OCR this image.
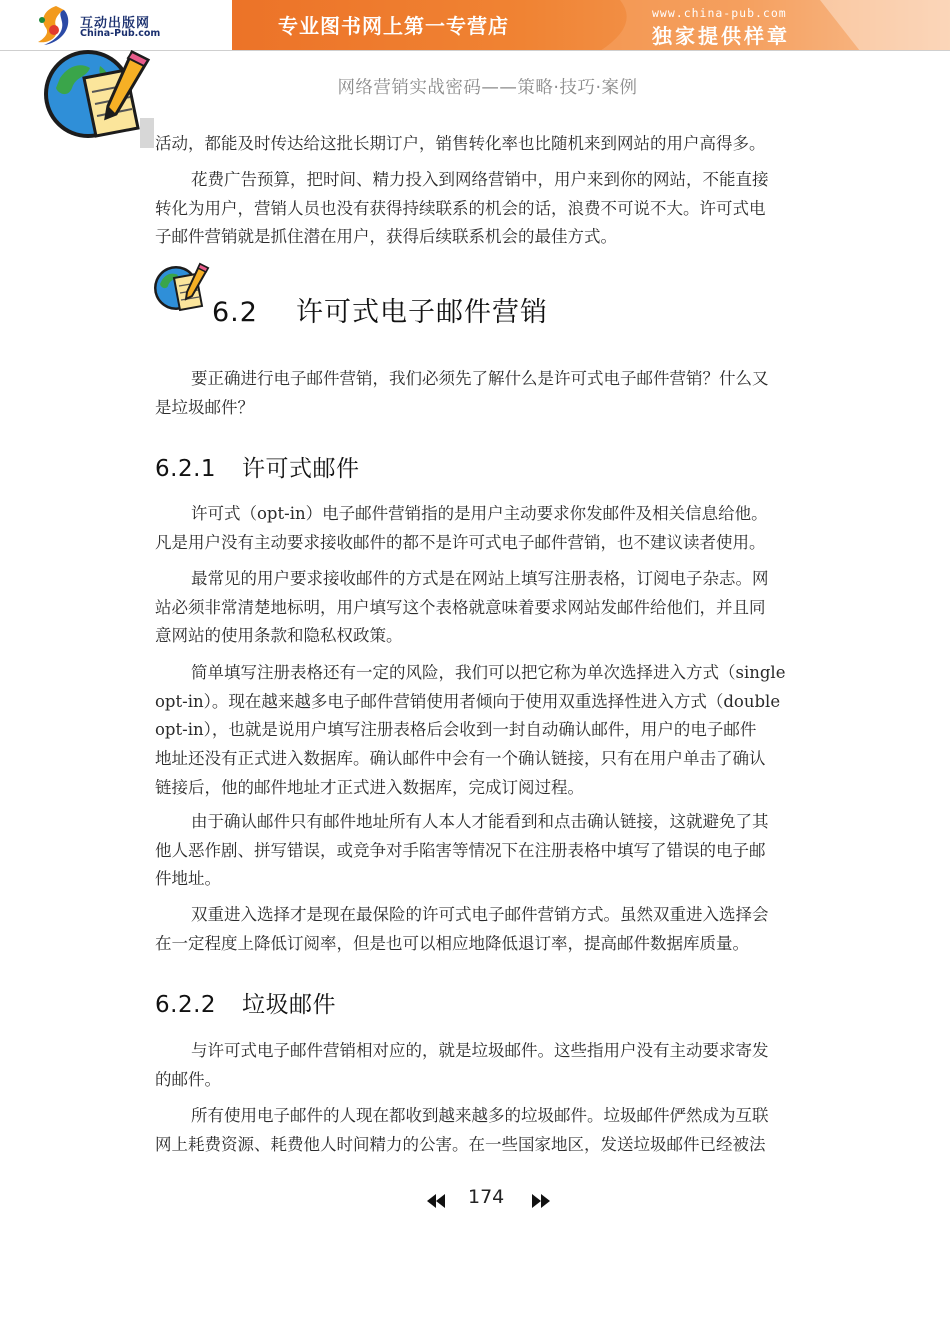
互动出版网
China-Pub.com	专业图书网上第一专营店
www.china-pub.com
独家提供样章
网络营销实战密码——策略·技巧·案例
活动，都能及时传达给这批长期订户，销售转化率也比随机来到网站的用户高得多。
花费广告预算，把时间、精力投入到网络营销中，用户来到你的网站，不能直接
转化为用户，营销人员也没有获得持续联系的机会的话，浪费不可说不大。许可式电
子邮件营销就是抓住潜在用户，获得后续联系机会的最佳方式。
6.2 许可式电子邮件营销
要正确进行电子邮件营销，我们必须先了解什么是许可式电子邮件营销？什么又
是垃圾邮件？
6.2.1 许可式邮件
许可式（opt-in）电子邮件营销指的是用户主动要求你发邮件及相关信息给他。
凡是用户没有主动要求接收邮件的都不是许可式电子邮件营销，也不建议读者使用。
最常见的用户要求接收邮件的方式是在网站上填写注册表格，订阅电子杂志。网
站必须非常清楚地标明，用户填写这个表格就意味着要求网站发邮件给他们，并且同
意网站的使用条款和隐私权政策。
简单填写注册表格还有一定的风险，我们可以把它称为单次选择进入方式（single
opt-in）。现在越来越多电子邮件营销使用者倾向于使用双重选择性进入方式（double
opt-in），也就是说用户填写注册表格后会收到一封自动确认邮件，用户的电子邮件
地址还没有正式进入数据库。确认邮件中会有一个确认链接，只有在用户单击了确认
链接后，他的邮件地址才正式进入数据库，完成订阅过程。
由于确认邮件只有邮件地址所有人本人才能看到和点击确认链接，这就避免了其
他人恶作剧、拼写错误，或竞争对手陷害等情况下在注册表格中填写了错误的电子邮
件地址。
双重进入选择才是现在最保险的许可式电子邮件营销方式。虽然双重进入选择会
在一定程度上降低订阅率，但是也可以相应地降低退订率，提高邮件数据库质量。
6.2.2 垃圾邮件
与许可式电子邮件营销相对应的，就是垃圾邮件。这些指用户没有主动要求寄发
的邮件。
所有使用电子邮件的人现在都收到越来越多的垃圾邮件。垃圾邮件俨然成为互联
网上耗费资源、耗费他人时间精力的公害。在一些国家地区，发送垃圾邮件已经被法
174
